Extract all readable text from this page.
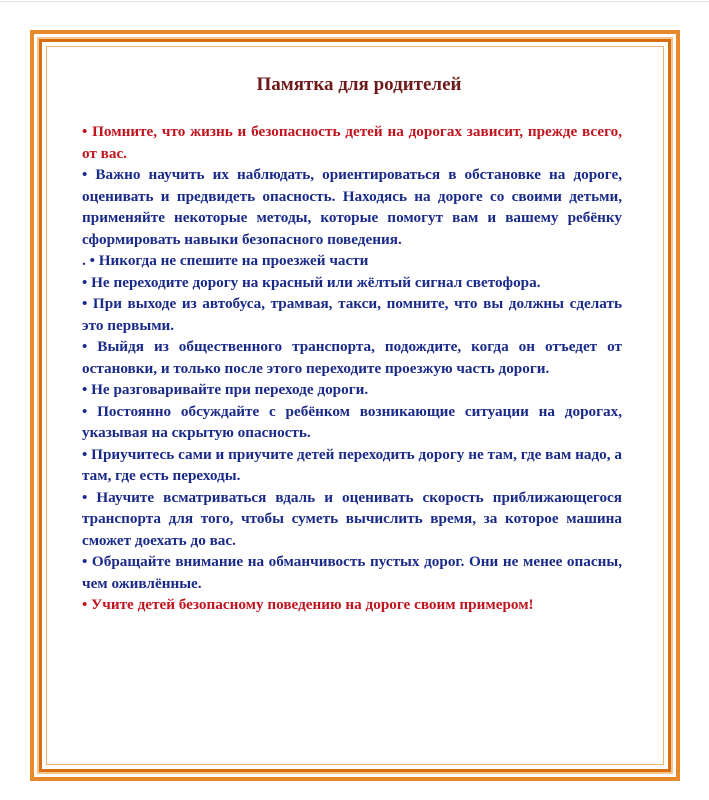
Памятка для родителей

• Помните, что жизнь и безопасность детей на дорогах зависит, прежде всего, от вас.

• Важно научить их наблюдать, ориентироваться в обстановке на дороге, оценивать и предвидеть опасность. Находясь на дороге со своими детьми, применяйте некоторые методы, которые помогут вам и вашему ребёнку сформировать навыки безопасного поведения.

. • Никогда не спешите на проезжей части

• Не переходите дорогу на красный или жёлтый сигнал светофора.

• При выходе из автобуса, трамвая, такси, помните, что вы должны сделать это первыми.

• Выйдя из общественного транспорта, подождите, когда он отъедет от остановки, и только после этого переходите проезжую часть дороги.

• Не разговаривайте при переходе дороги.

• Постоянно обсуждайте с ребёнком возникающие ситуации на дорогах, указывая на скрытую опасность.

• Приучитесь сами и приучите детей переходить дорогу не там, где вам надо, а там, где есть переходы.

• Научите всматриваться вдаль и оценивать скорость приближающегося транспорта для того, чтобы суметь вычислить время, за которое машина сможет доехать до вас.

• Обращайте внимание на обманчивость пустых дорог. Они не менее опасны, чем оживлённые.

• Учите детей безопасному поведению на дороге своим примером!
